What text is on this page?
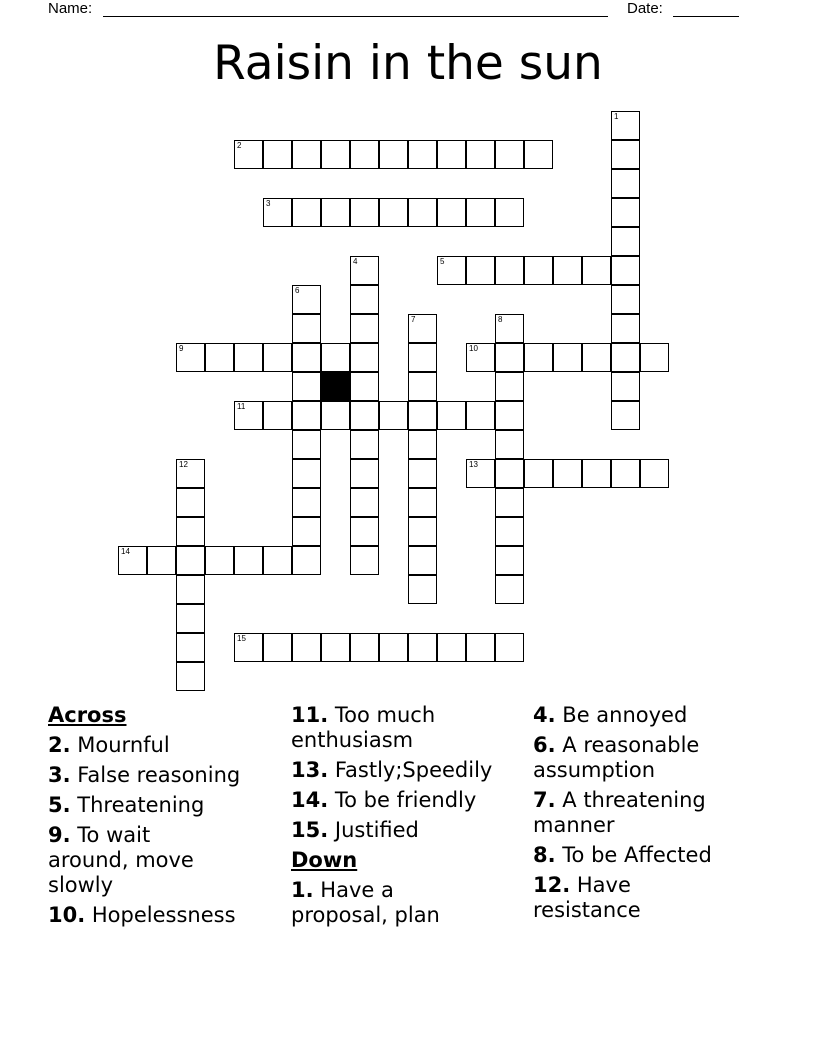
Name:	Date:
Raisin in the sun
1
2
3
4	5
6
7	8
9	10
11
12	13
14
15
Across
2. Mournful
3. False reasoning
5. Threatening
9. To wait around, move slowly
10. Hopelessness
11. Too much enthusiasm
13. Fastly;Speedily
14. To be friendly
15. Justified
Down
1. Have a proposal, plan
4. Be annoyed
6. A reasonable assumption
7. A threatening manner
8. To be Affected
12. Have resistance
